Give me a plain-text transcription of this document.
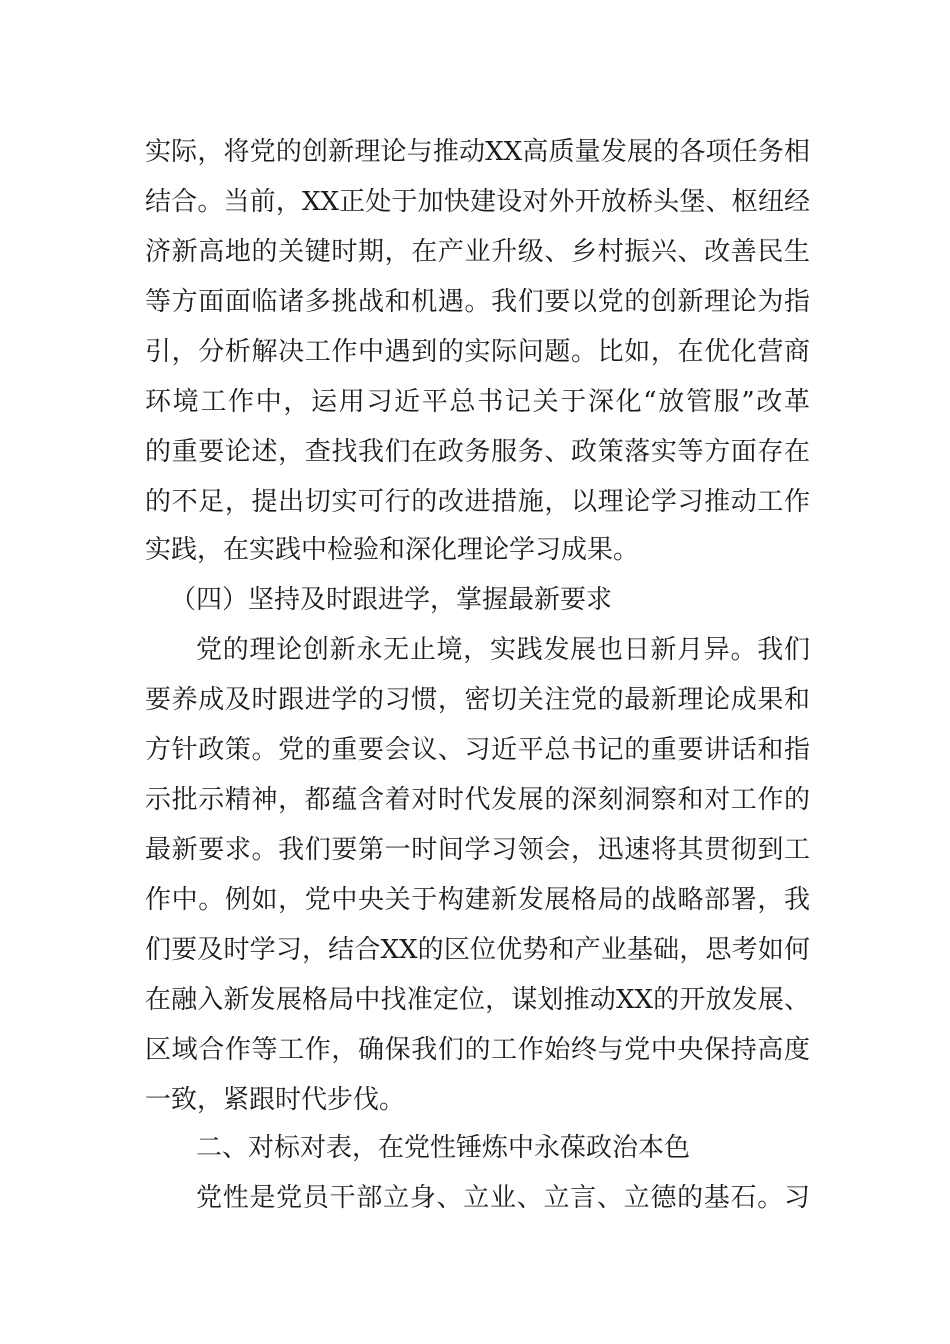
实际，将党的创新理论与推动XX高质量发展的各项任务相

结合。当前，XX正处于加快建设对外开放桥头堡、枢纽经

济新高地的关键时期，在产业升级、乡村振兴、改善民生

等方面面临诸多挑战和机遇。我们要以党的创新理论为指

引，分析解决工作中遇到的实际问题。比如，在优化营商

环境工作中，运用习近平总书记关于深化“放管服”改革

的重要论述，查找我们在政务服务、政策落实等方面存在

的不足，提出切实可行的改进措施，以理论学习推动工作

实践，在实践中检验和深化理论学习成果。

（四）坚持及时跟进学，掌握最新要求

党的理论创新永无止境，实践发展也日新月异。我们

要养成及时跟进学的习惯，密切关注党的最新理论成果和

方针政策。党的重要会议、习近平总书记的重要讲话和指

示批示精神，都蕴含着对时代发展的深刻洞察和对工作的

最新要求。我们要第一时间学习领会，迅速将其贯彻到工

作中。例如，党中央关于构建新发展格局的战略部署，我

们要及时学习，结合XX的区位优势和产业基础，思考如何

在融入新发展格局中找准定位，谋划推动XX的开放发展、

区域合作等工作，确保我们的工作始终与党中央保持高度

一致，紧跟时代步伐。

二、对标对表，在党性锤炼中永葆政治本色

党性是党员干部立身、立业、立言、立德的基石。习
